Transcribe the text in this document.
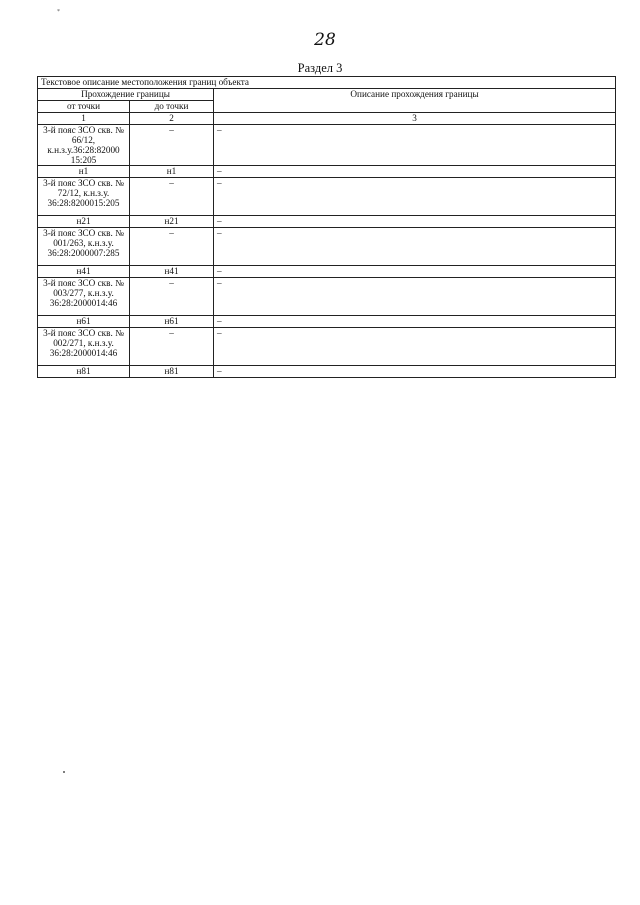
*
28
Раздел 3
Текстовое описание местоположения границ объекта		
Прохождение границы		Описание прохождения границы
от точки	до точки	
1	2	3
3-й пояс ЗСО скв. № 66/12, к.н.з.у.36:28:82000 15:205	–	–
н1	н1	–
3-й пояс ЗСО скв. № 72/12, к.н.з.у. 36:28:8200015:205	–	–
н21	н21	–
3-й пояс ЗСО скв. № 001/263, к.н.з.у. 36:28:2000007:285	–	–
н41	н41	–
3-й пояс ЗСО скв. № 003/277, к.н.з.у. 36:28:2000014:46	–	–
н61	н61	–
3-й пояс ЗСО скв. № 002/271, к.н.з.у. 36:28:2000014:46	–	–
н81	н81	–
